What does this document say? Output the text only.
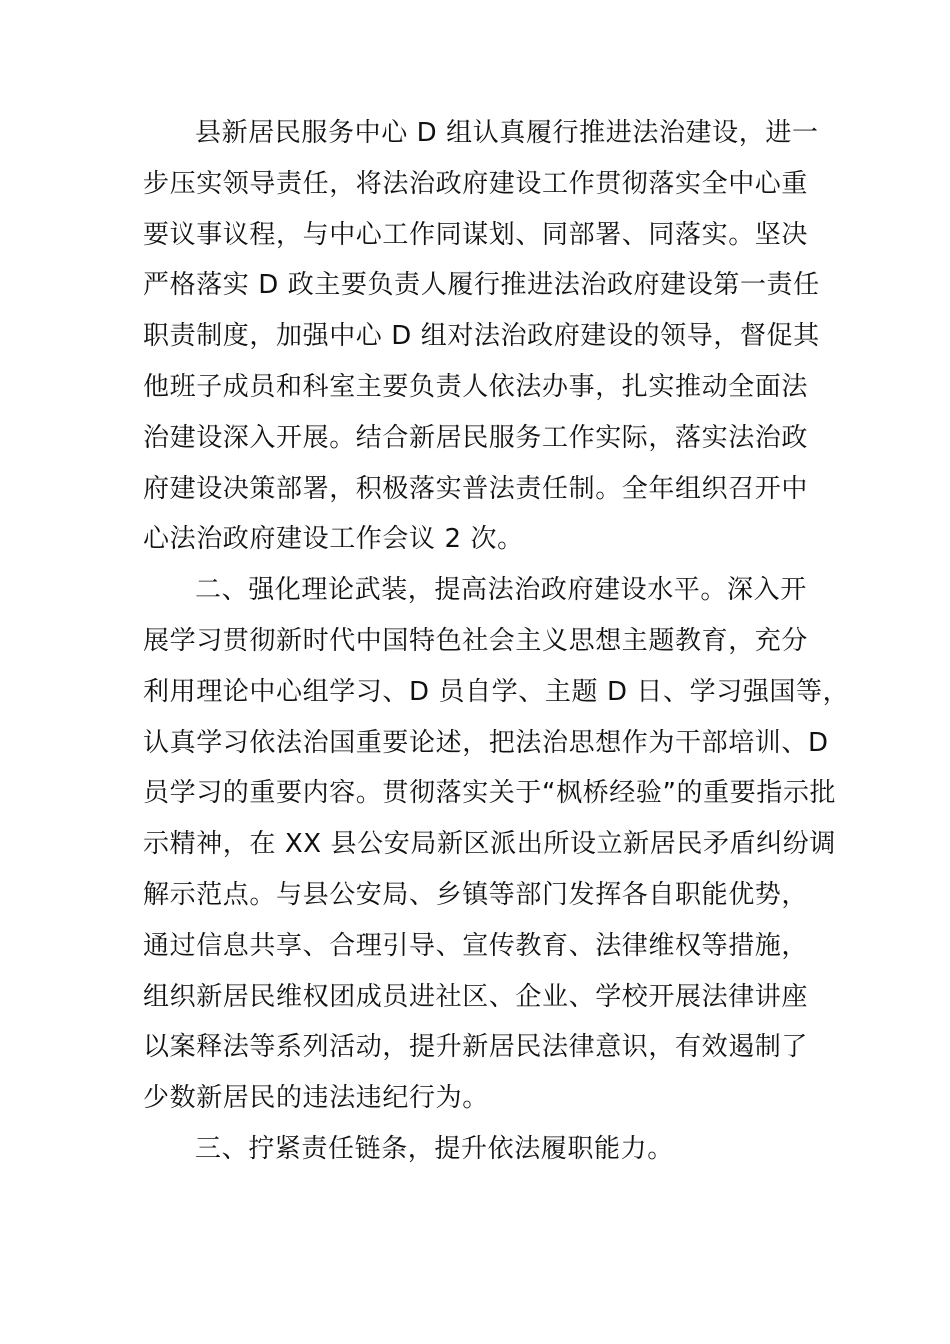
县新居民服务中心 D 组认真履行推进法治建设，进一
步压实领导责任，将法治政府建设工作贯彻落实全中心重
要议事议程，与中心工作同谋划、同部署、同落实。坚决
严格落实 D 政主要负责人履行推进法治政府建设第一责任
职责制度，加强中心 D 组对法治政府建设的领导，督促其
他班子成员和科室主要负责人依法办事，扎实推动全面法
治建设深入开展。结合新居民服务工作实际，落实法治政
府建设决策部署，积极落实普法责任制。全年组织召开中
心法治政府建设工作会议 2 次。
二、强化理论武装，提高法治政府建设水平。深入开
展学习贯彻新时代中国特色社会主义思想主题教育，充分
利用理论中心组学习、D 员自学、主题 D 日、学习强国等，
认真学习依法治国重要论述，把法治思想作为干部培训、D
员学习的重要内容。贯彻落实关于“枫桥经验”的重要指示批
示精神，在 XX 县公安局新区派出所设立新居民矛盾纠纷调
解示范点。与县公安局、乡镇等部门发挥各自职能优势，
通过信息共享、合理引导、宣传教育、法律维权等措施，
组织新居民维权团成员进社区、企业、学校开展法律讲座
以案释法等系列活动，提升新居民法律意识，有效遏制了
少数新居民的违法违纪行为。
三、拧紧责任链条，提升依法履职能力。
